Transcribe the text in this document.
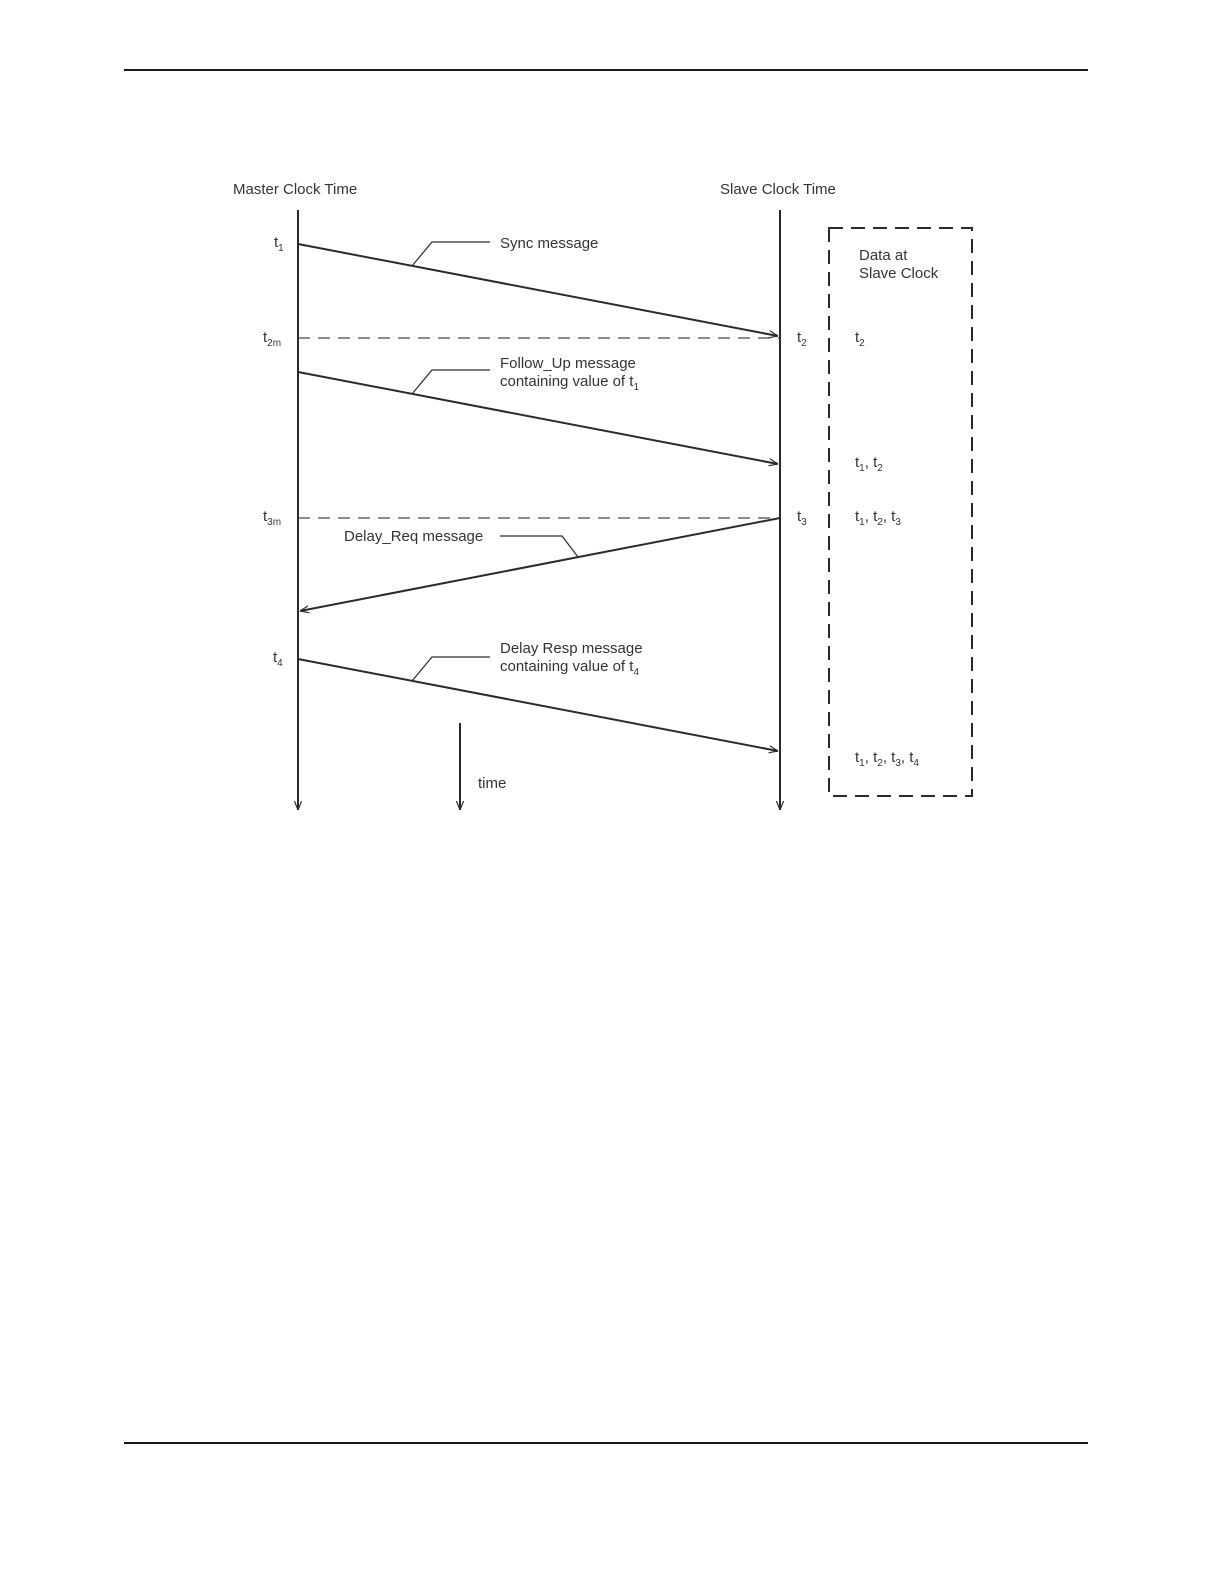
Master Clock Time	Slave Clock Time
time
$t_1$
$t_{2m}$
$t_{3m}$
$t_4$
$t_2$
$t_3$
Sync message
Follow_Up message
containing value of $t_1$
Delay_Req message
Delay Resp message
containing value of $t_4$
Data at
Slave Clock
$t_2$
$t_1$, $t_2$
$t_1$, $t_2$, $t_3$
$t_1$, $t_2$, $t_3$, $t_4$
